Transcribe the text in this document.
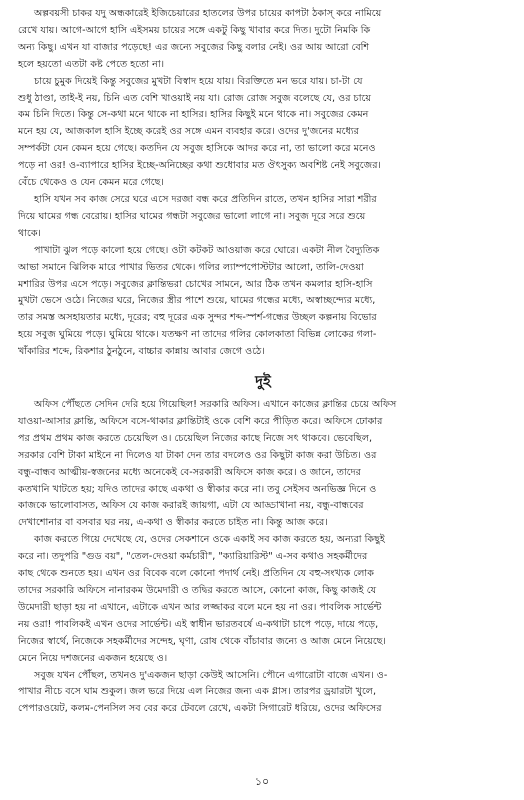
অল্পবয়সী চাকর যদু অন্ধকারেই ইজিচেয়ারের হাতলের উপর চায়ের কাপটা ঠকাস্‌ করে নামিয়ে
রেখে যায়। আগে-আগে হাসি এইসময় চায়ের সঙ্গে একটু কিছু খাবার করে দিত। দুটো নিমকি কি
অন্য কিছু। এখন যা বাজার পড়েছে! এর জন্যে সবুজের কিছু বলার নেই। ওর আয় আরো বেশি
হলে হয়তো এতটা কষ্ট পেতে হতো না।

চায়ে চুমুক দিয়েই কিন্তু সবুজের মুখটা বিস্বাদ হয়ে যায়। বিরক্তিতে মন ভরে যায়। চা-টা যে
শুধু ঠাণ্ডা, তাই-ই নয়, চিনি এত বেশি খাওয়াই নয় যা। রোজ রোজ সবুজ বলেছে যে, ওর চায়ে
কম চিনি দিতে। কিন্তু সে-কথা মনে থাকে না হাসির। হাসির কিছুই মনে থাকে না। সবুজের কেমন
মনে হয় যে, আজকাল হাসি ইচ্ছে করেই ওর সঙ্গে এমন ব্যবহার করে। ওদের দু'জনের মধ্যের
সম্পর্কটা যেন কেমন হয়ে গেছে। কতদিন যে সবুজ হাসিকে আদর করে না, তা ভালো করে মনেও
পড়ে না ওর! ও-ব্যাপারে হাসির ইচ্ছে-অনিচ্ছের কথা শুধোবার মত ঔৎসুক্য অবশিষ্ট নেই সবুজের।
বেঁচে থেকেও ও যেন কেমন মরে গেছে।

হাসি যখন সব কাজ সেরে ঘরে এসে দরজা বন্ধ করে প্রতিদিন রাতে, তখন হাসির সারা শরীর
দিয়ে ঘামের গন্ধ বেরোয়। হাসির ঘামের গন্ধটা সবুজের ভালো লাগে না। সবুজ দূরে সরে শুয়ে
থাকে।

পাখাটা ঝুল পড়ে কালো হয়ে গেছে। ওটা কটকট আওয়াজ করে ঘোরে। একটা নীল বৈদ্যুতিক
আভা সমানে ঝিলিক মারে পাখার ভিতর থেকে। গলির ল্যাম্পপোস্টটার আলো, তালি-দেওয়া
মশারির উপর এসে পড়ে। সবুজের ক্লান্তিভরা চোখের সামনে, আর ঠিক তখন কমলার হাসি-হাসি
মুখটা ভেসে ওঠে। নিজের ঘরে, নিজের স্ত্রীর পাশে শুয়ে, ঘামের গন্ধের মধ্যে, অস্বাচ্ছন্দ্যের মধ্যে,
তার সমস্ত অসহায়তার মধ্যে, দূরের; বহু দূরের এক সুন্দর শব্দ-স্পর্শ-গন্ধের উচ্ছল কল্পনায় বিভোর
হয়ে সবুজ ঘুমিয়ে পড়ে। ঘুমিয়ে থাকে। যতক্ষণ না তাদের গলির কোলকাতা বিভিন্ন লোকের গলা-
খাঁকারির শব্দে, রিকশার ঠুনঠুনে, বাচ্চার কান্নায় আবার জেগে ওঠে।

দুই

অফিস পৌঁছতে সেদিন দেরি হয়ে গিয়েছিল! সরকারি অফিস। এখানে কাজের ক্লান্তির চেয়ে অফিস
যাওয়া-আসার ক্লান্তি, অফিসে বসে-থাকার ক্লান্তিটাই ওকে বেশি করে পীড়িত করে। অফিসে ঢোকার
পর প্রথম প্রথম কাজ করতে চেয়েছিল ও। চেয়েছিল নিজের কাছে নিজে সৎ থাকবে। ভেবেছিল,
সরকার বেশি টাকা মাইনে না দিলেও যা টাকা দেন তার বদলেও ওর কিছুটা কাজ করা উচিত। ওর
বন্ধু-বান্ধব আত্মীয়-স্বজনের মধ্যে অনেকেই বে-সরকারী অফিসে কাজ করে। ও জানে, তাদের
কতখানি খাটতে হয়; যদিও তাদের কাছে একথা ও স্বীকার করে না। তবু সেইসব অনভিজ্ঞ দিনে ও
কাজকে ভালোবাসত, অফিস যে কাজ করারই জায়গা, এটা যে আড্ডাখানা নয়, বন্ধু-বান্ধবের
দেখাশোনার বা বসবার ঘর নয়, এ-কথা ও স্বীকার করতে চাইত না। কিন্তু আজ করে।

কাজ করতে গিয়ে দেখেছে যে, ওদের সেকশানে ওকে একাই সব কাজ করতে হয়, অন্যরা কিছুই
করে না। তদুপরি "গুড বয়", "তেল-দেওয়া কর্মচারী", "ক্যারিয়ারিস্ট" এ-সব কথাও সহকর্মীদের
কাছ থেকে শুনতে হয়। এখন ওর বিবেক বলে কোনো পদার্থ নেই। প্রতিদিন যে বহু-সংখ্যক লোক
তাদের সরকারি অফিসে নানারকম উমেদারী ও তদ্বির করতে আসে, কোনো কাজ, কিছু কাজই যে
উমেদারী ছাড়া হয় না এখানে, এটাকে এখন আর লজ্জাকর বলে মনে হয় না ওর। পাবলিক সার্ভেন্ট
নয় ওরা! পাবলিকই এখন ওদের সার্ভেন্ট। এই স্বাধীন ভারতবর্ষে এ-কথাটা চাপে পড়ে, দায়ে পড়ে,
নিজের স্বার্থে, নিজেকে সহকর্মীদের সন্দেহ, ঘৃণা, রোষ থেকে বাঁচাবার জন্যে ও আজ মেনে নিয়েছে।
মেনে নিয়ে দশজনের একজন হয়েছে ও।

সবুজ যখন পৌঁছল, তখনও দু'একজন ছাড়া কেউই আসেনি। পৌনে এগারোটা বাজে এখন। ও-
পাখার নীচে বসে ঘাম শুকুল। জল ভরে দিয়ে এল নিজের জন্য এক গ্লাস। তারপর ড্রয়ারটা খুলে,
পেপারওয়েট, কলম-পেনসিল সব বের করে টেবলে রেখে, একটা সিগারেট ধরিয়ে, ওদের অফিসের

১০
